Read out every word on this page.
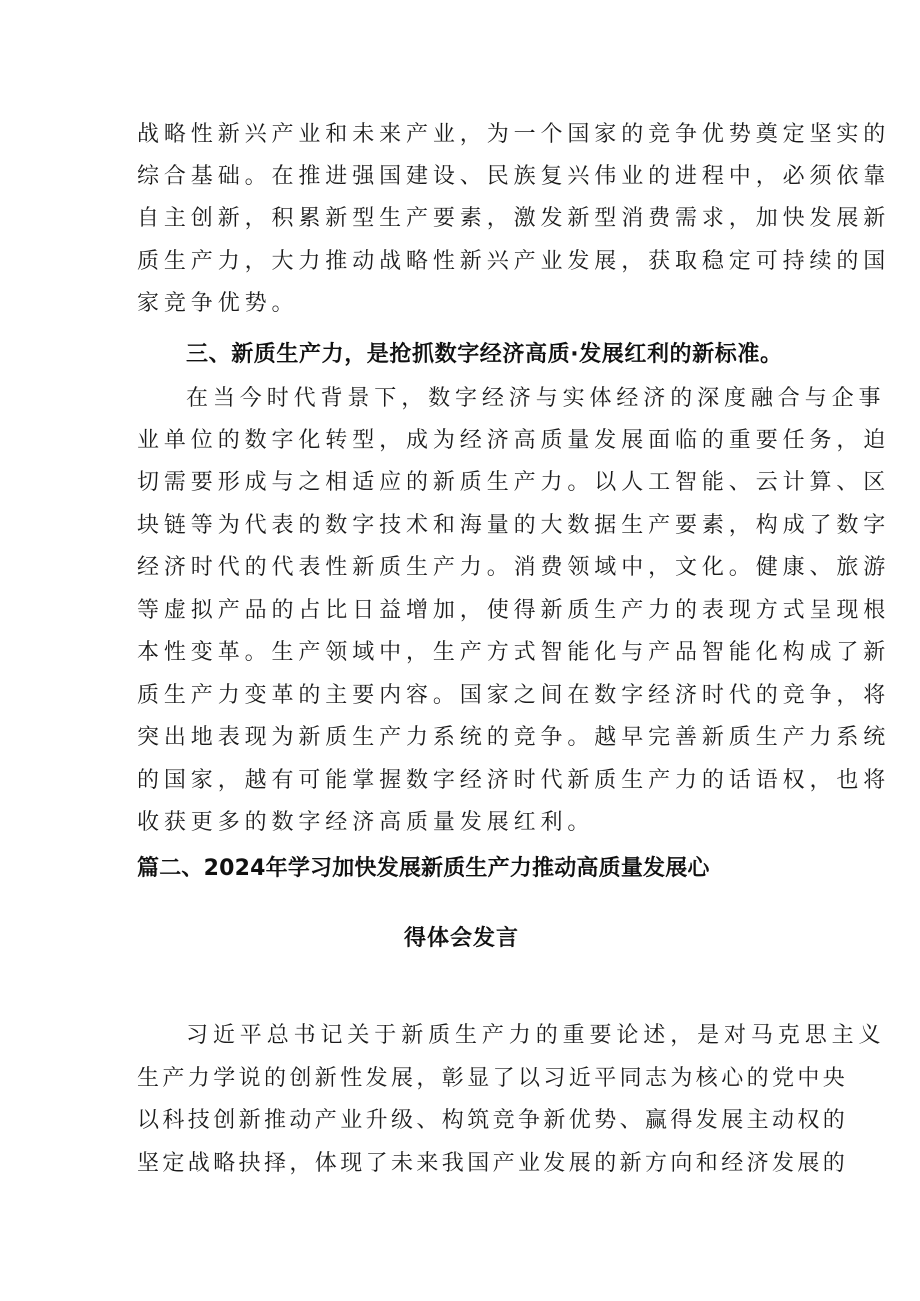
战略性新兴产业和未来产业，为一个国家的竞争优势奠定坚实的
综合基础。在推进强国建设、民族复兴伟业的进程中，必须依靠
自主创新，积累新型生产要素，激发新型消费需求，加快发展新
质生产力，大力推动战略性新兴产业发展，获取稳定可持续的国
家竞争优势。
三、新质生产力，是抢抓数字经济高质·发展红利的新标准。
在当今时代背景下，数字经济与实体经济的深度融合与企事
业单位的数字化转型，成为经济高质量发展面临的重要任务，迫
切需要形成与之相适应的新质生产力。以人工智能、云计算、区
块链等为代表的数字技术和海量的大数据生产要素，构成了数字
经济时代的代表性新质生产力。消费领域中，文化。健康、旅游
等虚拟产品的占比日益增加，使得新质生产力的表现方式呈现根
本性变革。生产领域中，生产方式智能化与产品智能化构成了新
质生产力变革的主要内容。国家之间在数字经济时代的竞争，将
突出地表现为新质生产力系统的竞争。越早完善新质生产力系统
的国家，越有可能掌握数字经济时代新质生产力的话语权，也将
收获更多的数字经济高质量发展红利。
篇二、2024年学习加快发展新质生产力推动高质量发展心
得体会发言
习近平总书记关于新质生产力的重要论述，是对马克思主义
生产力学说的创新性发展，彰显了以习近平同志为核心的党中央
以科技创新推动产业升级、构筑竞争新优势、赢得发展主动权的
坚定战略抉择，体现了未来我国产业发展的新方向和经济发展的
